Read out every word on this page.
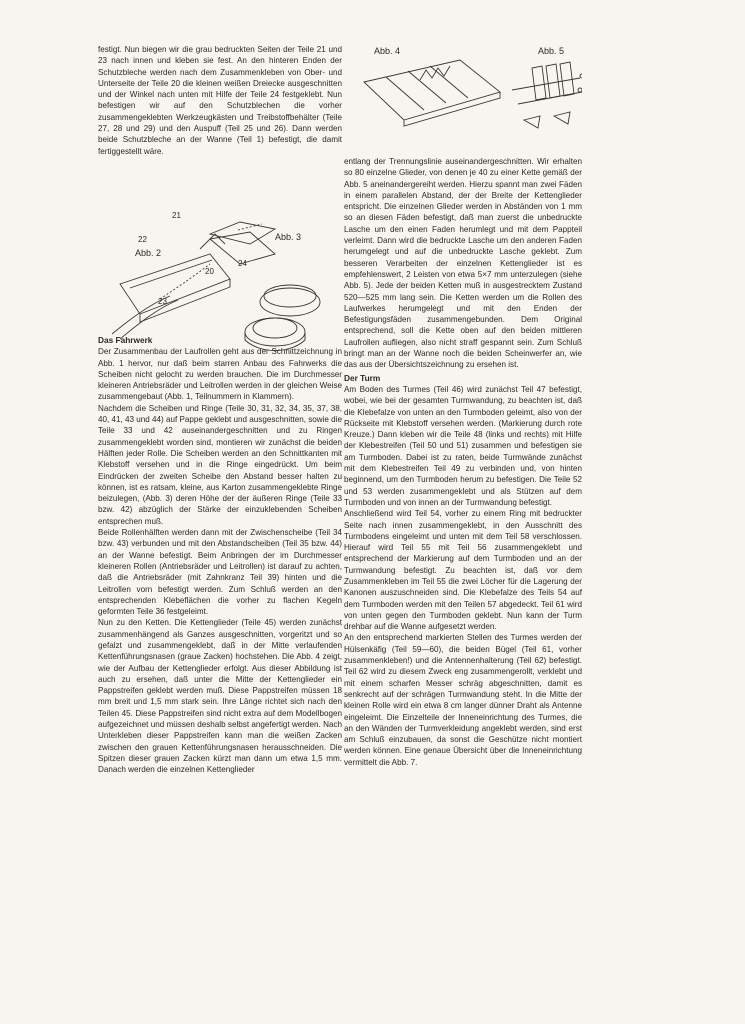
festigt. Nun biegen wir die grau bedruckten Seiten der Teile 21 und 23 nach innen und kleben sie fest. An den hinteren Enden der Schutzbleche werden nach dem Zusammenkleben von Ober- und Unterseite der Teile 20 die kleinen weißen Dreiecke ausgeschnitten und der Winkel nach unten mit Hilfe der Teile 24 festgeklebt. Nun befestigen wir auf den Schutzblechen die vorher zusammengeklebten Werkzeugkästen und Treibstoffbehälter (Teile 27, 28 und 29) und den Auspuff (Teil 25 und 26). Dann werden beide Schutzbleche an der Wanne (Teil 1) befestigt, die damit fertiggestellt wäre.

Das Fahrwerk

Der Zusammenbau der Laufrollen geht aus der Schnittzeichnung in Abb. 1 hervor, nur daß beim starren Anbau des Fahrwerks die Scheiben nicht gelocht zu werden brauchen. Die im Durchmesser kleineren Antriebsräder und Leitrollen werden in der gleichen Weise zusammengebaut (Abb. 1, Teilnummern in Klammern).

Nachdem die Scheiben und Ringe (Teile 30, 31, 32, 34, 35, 37, 38, 40, 41, 43 und 44) auf Pappe geklebt und ausgeschnitten, sowie die Teile 33 und 42 auseinandergeschnitten und zu Ringen zusammengeklebt worden sind, montieren wir zunächst die beiden Hälften jeder Rolle. Die Scheiben werden an den Schnittkanten mit Klebstoff versehen und in die Ringe eingedrückt. Um beim Eindrücken der zweiten Scheibe den Abstand besser halten zu können, ist es ratsam, kleine, aus Karton zusammengeklebte Ringe beizulegen, (Abb. 3) deren Höhe der der äußeren Ringe (Teile 33 bzw. 42) abzüglich der Stärke der einzuklebenden Scheiben entsprechen muß.

Beide Rollenhälften werden dann mit der Zwischenscheibe (Teil 34 bzw. 43) verbunden und mit den Abstandscheiben (Teil 35 bzw. 44) an der Wanne befestigt. Beim Anbringen der im Durchmesser kleineren Rollen (Antriebsräder und Leitrollen) ist darauf zu achten, daß die Antriebsräder (mit Zahnkranz Teil 39) hinten und die Leitrollen vorn befestigt werden. Zum Schluß werden an den entsprechenden Klebeflächen die vorher zu flachen Kegeln geformten Teile 36 festgeleimt.

Nun zu den Ketten. Die Kettenglieder (Teile 45) werden zunächst zusammenhängend als Ganzes ausgeschnitten, vorgeritzt und so gefalzt und zusammengeklebt, daß in der Mitte verlaufenden Kettenführungsnasen (graue Zacken) hochstehen. Die Abb. 4 zeigt, wie der Aufbau der Kettenglieder erfolgt. Aus dieser Abbildung ist auch zu ersehen, daß unter die Mitte der Kettenglieder ein Pappstreifen geklebt werden muß. Diese Pappstreifen müssen 18 mm breit und 1,5 mm stark sein. Ihre Länge richtet sich nach den Teilen 45. Diese Pappstreifen sind nicht extra auf dem Modellbogen aufgezeichnet und müssen deshalb selbst angefertigt werden. Nach Unterkleben dieser Pappstreifen kann man die weißen Zacken zwischen den grauen Kettenführungsnasen herausschneiden. Die Spitzen dieser grauen Zacken kürzt man dann um etwa 1,5 mm. Danach werden die einzelnen Kettenglieder

entlang der Trennungslinie auseinandergeschnitten. Wir erhalten so 80 einzelne Glieder, von denen je 40 zu einer Kette gemäß der Abb. 5 aneinandergereiht werden. Hierzu spannt man zwei Fäden in einem parallelen Abstand, der der Breite der Kettenglieder entspricht. Die einzelnen Glieder werden in Abständen von 1 mm so an diesen Fäden befestigt, daß man zuerst die unbedruckte Lasche um den einen Faden herumlegt und mit dem Pappteil verleimt. Dann wird die bedruckte Lasche um den anderen Faden herumgelegt und auf die unbedruckte Lasche geklebt. Zum besseren Verarbeiten der einzelnen Kettenglieder ist es empfehlenswert, 2 Leisten von etwa 5×7 mm unterzulegen (siehe Abb. 5). Jede der beiden Ketten muß in ausgestrecktem Zustand 520—525 mm lang sein. Die Ketten werden um die Rollen des Laufwerkes herumgelegt und mit den Enden der Befestigungsfäden zusammengebunden. Dem Original entsprechend, soll die Kette oben auf den beiden mittleren Laufrollen aufliegen, also nicht straff gespannt sein. Zum Schluß bringt man an der Wanne noch die beiden Scheinwerfer an, wie das aus der Übersichtszeichnung zu ersehen ist.

Der Turm

Am Boden des Turmes (Teil 46) wird zunächst Teil 47 befestigt, wobei, wie bei der gesamten Turmwandung, zu beachten ist, daß die Klebefalze von unten an den Turmboden geleimt, also von der Rückseite mit Klebstoff versehen werden. (Markierung durch rote Kreuze.) Dann kleben wir die Teile 48 (links und rechts) mit Hilfe der Klebestreifen (Teil 50 und 51) zusammen und befestigen sie am Turmboden. Dabei ist zu raten, beide Turmwände zunächst mit dem Klebestreifen Teil 49 zu verbinden und, von hinten beginnend, um den Turmboden herum zu befestigen. Die Teile 52 und 53 werden zusammengeklebt und als Stützen auf dem Turmboden und von innen an der Turmwandung befestigt.

Anschließend wird Teil 54, vorher zu einem Ring mit bedruckter Seite nach innen zusammengeklebt, in den Ausschnitt des Turmbodens eingeleimt und unten mit dem Teil 58 verschlossen. Hierauf wird Teil 55 mit Teil 56 zusammengeklebt und entsprechend der Markierung auf dem Turmboden und an der Turmwandung befestigt. Zu beachten ist, daß vor dem Zusammenkleben im Teil 55 die zwei Löcher für die Lagerung der Kanonen auszuschneiden sind. Die Klebefalze des Teils 54 auf dem Turmboden werden mit den Teilen 57 abgedeckt. Teil 61 wird von unten gegen den Turmboden geklebt. Nun kann der Turm drehbar auf die Wanne aufgesetzt werden.

An den entsprechend markierten Stellen des Turmes werden der Hülsenkäfig (Teil 59—60), die beiden Bügel (Teil 61, vorher zusammenkleben!) und die Antennenhalterung (Teil 62) befestigt. Teil 62 wird zu diesem Zweck eng zusammengerollt, verklebt und mit einem scharfen Messer schräg abgeschnitten, damit es senkrecht auf der schrägen Turmwandung steht. In die Mitte der kleinen Rolle wird ein etwa 8 cm langer dünner Draht als Antenne eingeleimt. Die Einzelteile der Inneneinrichtung des Turmes, die an den Wänden der Turmverkleidung angeklebt werden, sind erst am Schluß einzubauen, da sonst die Geschütze nicht montiert werden können. Eine genaue Übersicht über die Inneneinrichtung vermittelt die Abb. 7.

Abb. 2
22
21
20
23
Abb. 3
24
Abb. 4	Abb. 5
